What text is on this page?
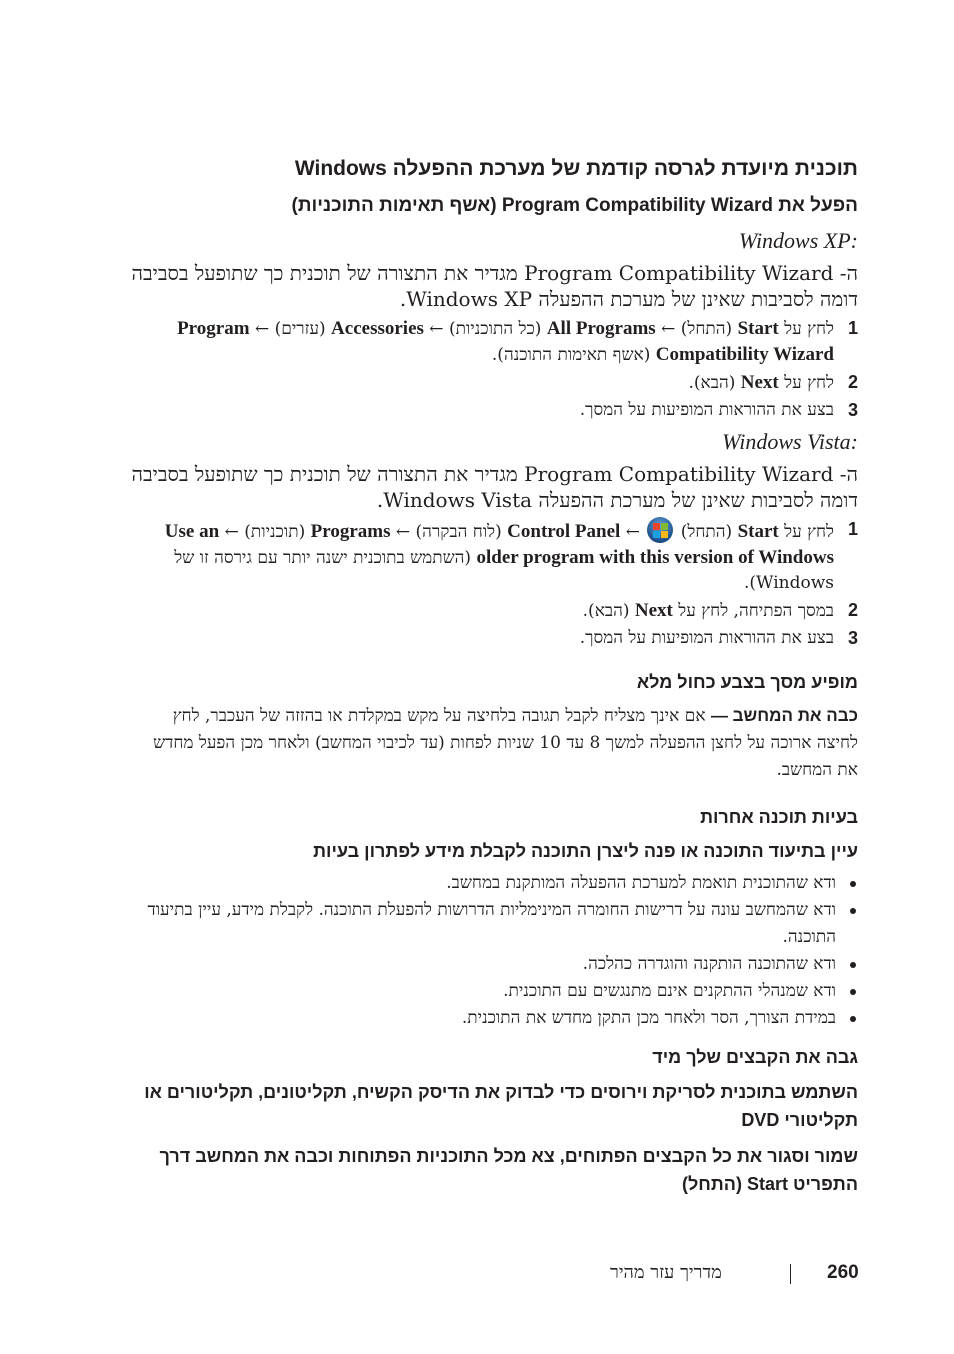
תוכנית מיועדת לגרסה קודמת של מערכת ההפעלה Windows

הפעל את Program Compatibility Wizard (אשף תאימות התוכניות)

:Windows XP

ה- Program Compatibility Wizard מגדיר את התצורה של תוכנית כך שתופעל בסביבה דומה לסביבות שאינן של מערכת ההפעלה Windows XP.

1
לחץ על Start (התחל) ← All Programs (כל התוכניות) ← Accessories (עזרים) ← Program Compatibility Wizard (אשף תאימות התוכנה).
2
לחץ על Next (הבא).
3
בצע את ההוראות המופיעות על המסך.

:Windows Vista

ה- Program Compatibility Wizard מגדיר את התצורה של תוכנית כך שתופעל בסביבה דומה לסביבות שאינן של מערכת ההפעלה Windows Vista.

1
לחץ על Start (התחל)
← Control Panel (לוח הבקרה) ← Programs (תוכניות) ← Use an older program with this version of Windows (השתמש בתוכנית ישנה יותר עם גירסה זו של Windows).
2
במסך הפתיחה, לחץ על Next (הבא).
3
בצע את ההוראות המופיעות על המסך.

מופיע מסך בצבע כחול מלא

כבה את המחשב — אם אינך מצליח לקבל תגובה בלחיצה על מקש במקלדת או בהזזה של העכבר, לחץ לחיצה ארוכה על לחצן ההפעלה למשך 8 עד 10 שניות לפחות (עד לכיבוי המחשב) ולאחר מכן הפעל מחדש את המחשב.

בעיות תוכנה אחרות

עיין בתיעוד התוכנה או פנה ליצרן התוכנה לקבלת מידע לפתרון בעיות

ודא שהתוכנית תואמת למערכת ההפעלה המותקנת במחשב.
ודא שהמחשב עונה על דרישות החומרה המינימליות הדרושות להפעלת התוכנה. לקבלת מידע, עיין בתיעוד התוכנה.
ודא שהתוכנה הותקנה והוגדרה כהלכה.
ודא שמנהלי ההתקנים אינם מתנגשים עם התוכנית.
במידת הצורך, הסר ולאחר מכן התקן מחדש את התוכנית.

גבה את הקבצים שלך מיד

השתמש בתוכנית לסריקת וירוסים כדי לבדוק את הדיסק הקשיח, תקליטונים, תקליטורים או תקליטורי DVD

שמור וסגור את כל הקבצים הפתוחים, צא מכל התוכניות הפתוחות וכבה את המחשב דרך התפריט Start (התחל)

מדריך עזר מהיר	260
